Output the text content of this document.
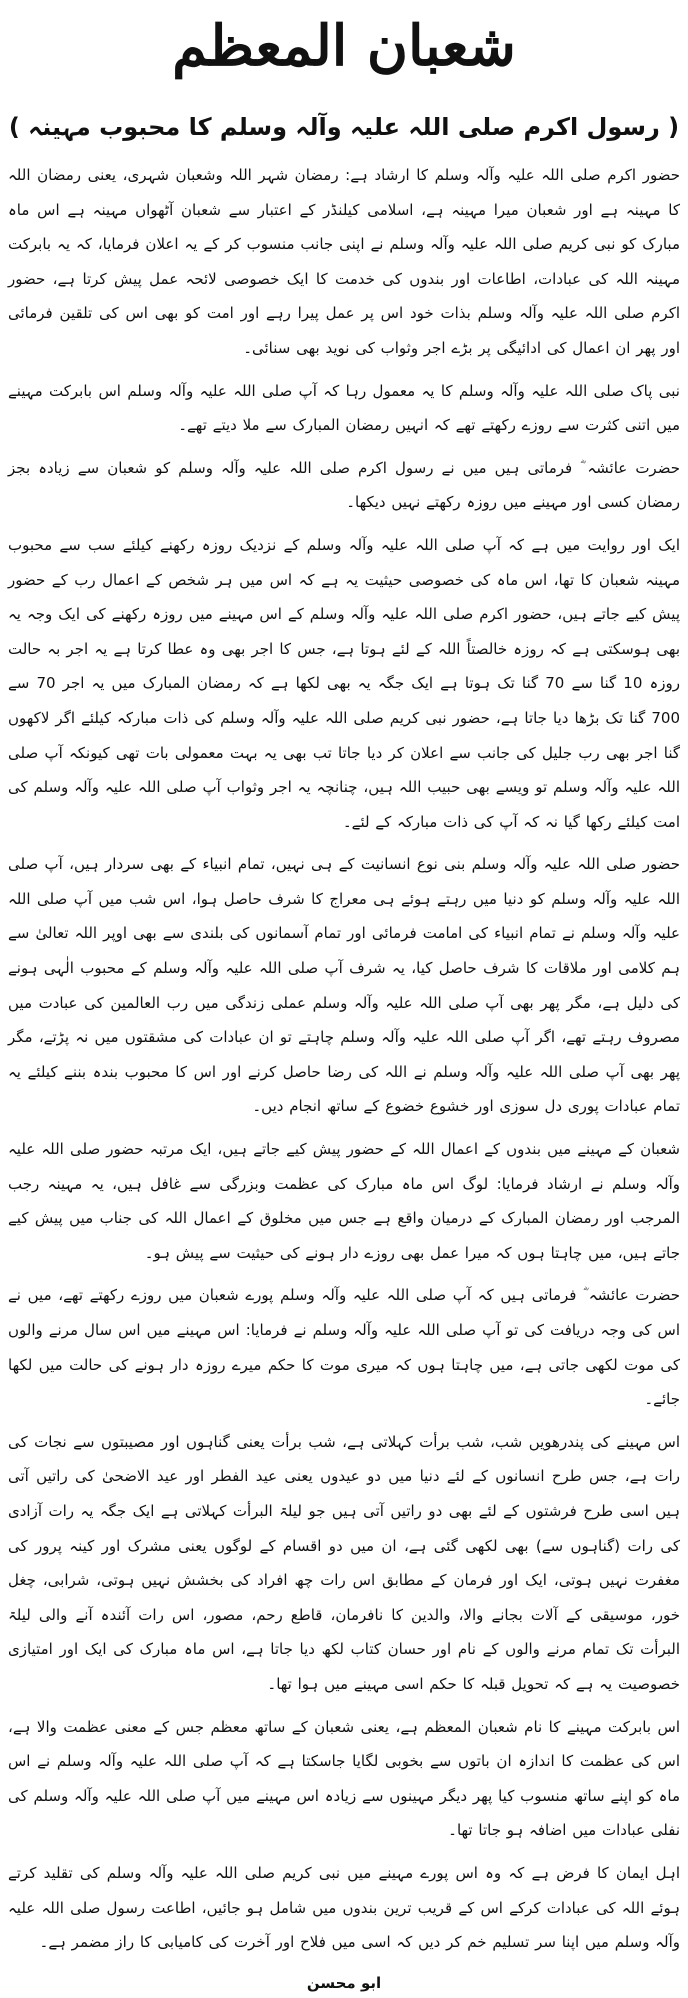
شعبان المعظم
( رسول اکرم صلی اللہ علیہ وآلہ وسلم کا محبوب مہینہ )

حضور اکرم صلی اللہ علیہ وآلہ وسلم کا ارشاد ہے: رمضان شہر اللہ وشعبان شہری، یعنی رمضان اللہ کا مہینہ ہے اور شعبان میرا مہینہ ہے، اسلامی کیلنڈر کے اعتبار سے شعبان آٹھواں مہینہ ہے اس ماہ مبارک کو نبی کریم صلی اللہ علیہ وآلہ وسلم نے اپنی جانب منسوب کر کے یہ اعلان فرمایا، کہ یہ بابرکت مہینہ اللہ کی عبادات، اطاعات اور بندوں کی خدمت کا ایک خصوصی لائحہ عمل پیش کرتا ہے، حضور اکرم صلی اللہ علیہ وآلہ وسلم بذات خود اس پر عمل پیرا رہے اور امت کو بھی اس کی تلقین فرمائی اور پھر ان اعمال کی ادائیگی پر بڑے اجر وثواب کی نوید بھی سنائی۔

نبی پاک صلی اللہ علیہ وآلہ وسلم کا یہ معمول رہا کہ آپ صلی اللہ علیہ وآلہ وسلم اس بابرکت مہینے میں اتنی کثرت سے روزے رکھتے تھے کہ انہیں رمضان المبارک سے ملا دیتے تھے۔

حضرت عائشہ ؓ فرماتی ہیں میں نے رسول اکرم صلی اللہ علیہ وآلہ وسلم کو شعبان سے زیادہ بجز رمضان کسی اور مہینے میں روزہ رکھتے نہیں دیکھا۔

ایک اور روایت میں ہے کہ آپ صلی اللہ علیہ وآلہ وسلم کے نزدیک روزہ رکھنے کیلئے سب سے محبوب مہینہ شعبان کا تھا، اس ماہ کی خصوصی حیثیت یہ ہے کہ اس میں ہر شخص کے اعمال رب کے حضور پیش کیے جاتے ہیں، حضور اکرم صلی اللہ علیہ وآلہ وسلم کے اس مہینے میں روزہ رکھنے کی ایک وجہ یہ بھی ہوسکتی ہے کہ روزہ خالصتاً اللہ کے لئے ہوتا ہے، جس کا اجر بھی وہ عطا کرتا ہے یہ اجر بہ حالت روزہ 10 گنا سے 70 گنا تک ہوتا ہے ایک جگہ یہ بھی لکھا ہے کہ رمضان المبارک میں یہ اجر 70 سے 700 گنا تک بڑھا دیا جاتا ہے، حضور نبی کریم صلی اللہ علیہ وآلہ وسلم کی ذات مبارکہ کیلئے اگر لاکھوں گنا اجر بھی رب جلیل کی جانب سے اعلان کر دیا جاتا تب بھی یہ بہت معمولی بات تھی کیونکہ آپ صلی اللہ علیہ وآلہ وسلم تو ویسے بھی حبیب اللہ ہیں، چنانچہ یہ اجر وثواب آپ صلی اللہ علیہ وآلہ وسلم کی امت کیلئے رکھا گیا نہ کہ آپ کی ذات مبارکہ کے لئے۔

حضور صلی اللہ علیہ وآلہ وسلم بنی نوع انسانیت کے ہی نہیں، تمام انبیاء کے بھی سردار ہیں، آپ صلی اللہ علیہ وآلہ وسلم کو دنیا میں رہتے ہوئے ہی معراج کا شرف حاصل ہوا، اس شب میں آپ صلی اللہ علیہ وآلہ وسلم نے تمام انبیاء کی امامت فرمائی اور تمام آسمانوں کی بلندی سے بھی اوپر اللہ تعالیٰ سے ہم کلامی اور ملاقات کا شرف حاصل کیا، یہ شرف آپ صلی اللہ علیہ وآلہ وسلم کے محبوب الٰہی ہونے کی دلیل ہے، مگر پھر بھی آپ صلی اللہ علیہ وآلہ وسلم عملی زندگی میں رب العالمین کی عبادت میں مصروف رہتے تھے، اگر آپ صلی اللہ علیہ وآلہ وسلم چاہتے تو ان عبادات کی مشقتوں میں نہ پڑتے، مگر پھر بھی آپ صلی اللہ علیہ وآلہ وسلم نے اللہ کی رضا حاصل کرنے اور اس کا محبوب بندہ بننے کیلئے یہ تمام عبادات پوری دل سوزی اور خشوع خضوع کے ساتھ انجام دیں۔

شعبان کے مہینے میں بندوں کے اعمال اللہ کے حضور پیش کیے جاتے ہیں، ایک مرتبہ حضور صلی اللہ علیہ وآلہ وسلم نے ارشاد فرمایا: لوگ اس ماہ مبارک کی عظمت وبزرگی سے غافل ہیں، یہ مہینہ رجب المرجب اور رمضان المبارک کے درمیان واقع ہے جس میں مخلوق کے اعمال اللہ کی جناب میں پیش کیے جاتے ہیں، میں چاہتا ہوں کہ میرا عمل بھی روزے دار ہونے کی حیثیت سے پیش ہو۔

حضرت عائشہ ؓ فرماتی ہیں کہ آپ صلی اللہ علیہ وآلہ وسلم پورے شعبان میں روزے رکھتے تھے، میں نے اس کی وجہ دریافت کی تو آپ صلی اللہ علیہ وآلہ وسلم نے فرمایا: اس مہینے میں اس سال مرنے والوں کی موت لکھی جاتی ہے، میں چاہتا ہوں کہ میری موت کا حکم میرے روزہ دار ہونے کی حالت میں لکھا جائے۔

اس مہینے کی پندرھویں شب، شب برأت کہلاتی ہے، شب برأت یعنی گناہوں اور مصیبتوں سے نجات کی رات ہے، جس طرح انسانوں کے لئے دنیا میں دو عیدوں یعنی عید الفطر اور عید الاضحیٰ کی راتیں آتی ہیں اسی طرح فرشتوں کے لئے بھی دو راتیں آتی ہیں جو لیلۃ البرأت کہلاتی ہے ایک جگہ یہ رات آزادی کی رات (گناہوں سے) بھی لکھی گئی ہے، ان میں دو اقسام کے لوگوں یعنی مشرک اور کینہ پرور کی مغفرت نہیں ہوتی، ایک اور فرمان کے مطابق اس رات چھ افراد کی بخشش نہیں ہوتی، شرابی، چغل خور، موسیقی کے آلات بجانے والا، والدین کا نافرمان، قاطع رحم، مصور، اس رات آئندہ آنے والی لیلۃ البرأت تک تمام مرنے والوں کے نام اور حسان کتاب لکھ دیا جاتا ہے، اس ماہ مبارک کی ایک اور امتیازی خصوصیت یہ ہے کہ تحویل قبلہ کا حکم اسی مہینے میں ہوا تھا۔

اس بابرکت مہینے کا نام شعبان المعظم ہے، یعنی شعبان کے ساتھ معظم جس کے معنی عظمت والا ہے، اس کی عظمت کا اندازہ ان باتوں سے بخوبی لگایا جاسکتا ہے کہ آپ صلی اللہ علیہ وآلہ وسلم نے اس ماہ کو اپنے ساتھ منسوب کیا پھر دیگر مہینوں سے زیادہ اس مہینے میں آپ صلی اللہ علیہ وآلہ وسلم کی نفلی عبادات میں اضافہ ہو جاتا تھا۔

اہل ایمان کا فرض ہے کہ وہ اس پورے مہینے میں نبی کریم صلی اللہ علیہ وآلہ وسلم کی تقلید کرتے ہوئے اللہ کی عبادات کرکے اس کے قریب ترین بندوں میں شامل ہو جائیں، اطاعت رسول صلی اللہ علیہ وآلہ وسلم میں اپنا سر تسلیم خم کر دیں کہ اسی میں فلاح اور آخرت کی کامیابی کا راز مضمر ہے۔

ابو محسن
